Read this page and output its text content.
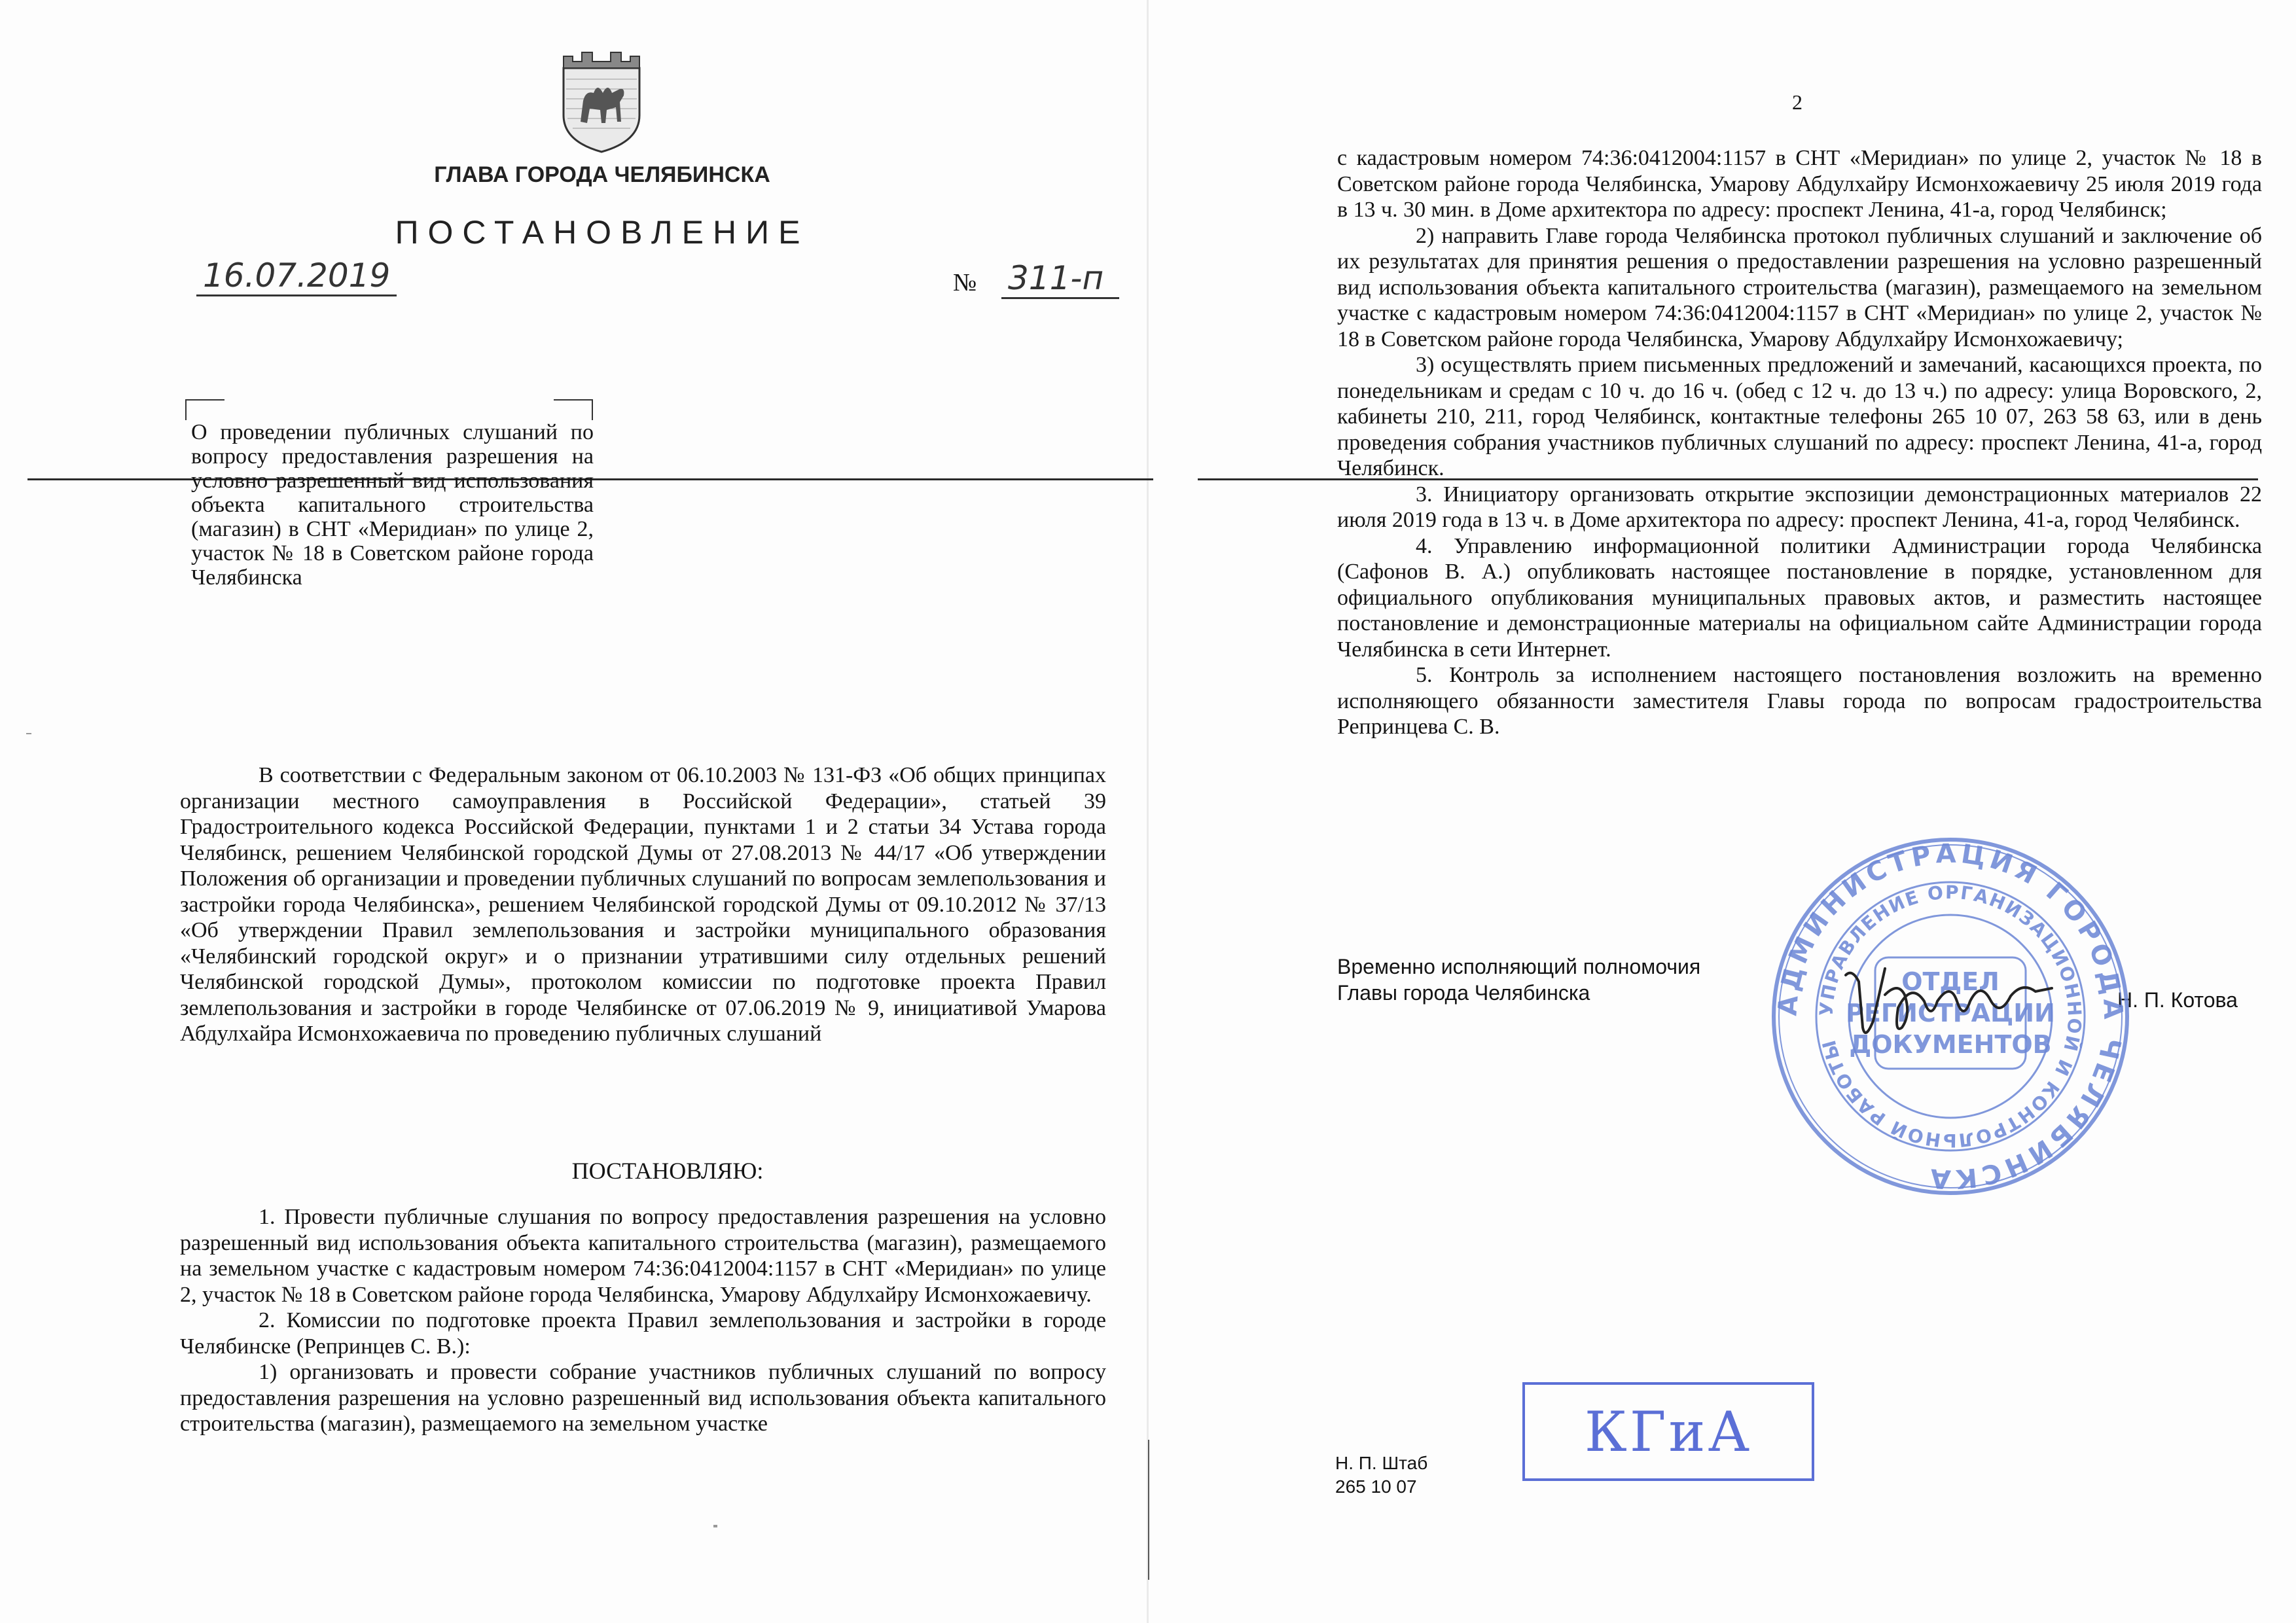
ГЛАВА ГОРОДА ЧЕЛЯБИНСКА
ПОСТАНОВЛЕНИЕ
16.07.2019	№ 311-п
О проведении публичных слушаний по вопросу предоставления разрешения на условно разрешенный вид использования объекта капитального строительства (магазин) в СНТ «Меридиан» по улице 2, участок № 18 в Советском районе города Челябинска

В соответствии с Федеральным законом от 06.10.2003 № 131-ФЗ «Об общих принципах организации местного самоуправления в Российской Федерации», статьей 39 Градостроительного кодекса Российской Федерации, пунктами 1 и 2 статьи 34 Устава города Челябинск, решением Челябинской городской Думы от 27.08.2013 № 44/17 «Об утверждении Положения об организации и проведении публичных слушаний по вопросам землепользования и застройки города Челябинска», решением Челябинской городской Думы от 09.10.2012 № 37/13 «Об утверждении Правил землепользования и застройки муниципального образования «Челябинский городской округ» и о признании утратившими силу отдельных решений Челябинской городской Думы», протоколом комиссии по подготовке проекта Правил землепользования и застройки в городе Челябинске от 07.06.2019 № 9, инициативой Умарова Абдулхайра Исмонхожаевича по проведению публичных слушаний

ПОСТАНОВЛЯЮ:

1. Провести публичные слушания по вопросу предоставления разрешения на условно разрешенный вид использования объекта капитального строительства (магазин), размещаемого на земельном участке с кадастровым номером 74:36:0412004:1157 в СНТ «Меридиан» по улице 2, участок № 18 в Советском районе города Челябинска, Умарову Абдулхайру Исмонхожаевичу.

2. Комиссии по подготовке проекта Правил землепользования и застройки в городе Челябинске (Репринцев С. В.):

1) организовать и провести собрание участников публичных слушаний по вопросу предоставления разрешения на условно разрешенный вид использования объекта капитального строительства (магазин), размещаемого на земельном участке

2

с кадастровым номером 74:36:0412004:1157 в СНТ «Меридиан» по улице 2, участок № 18 в Советском районе города Челябинска, Умарову Абдулхайру Исмонхожаевичу 25 июля 2019 года в 13 ч. 30 мин. в Доме архитектора по адресу: проспект Ленина, 41-а, город Челябинск;

2) направить Главе города Челябинска протокол публичных слушаний и заключение об их результатах для принятия решения о предоставлении разрешения на условно разрешенный вид использования объекта капитального строительства (магазин), размещаемого на земельном участке с кадастровым номером 74:36:0412004:1157 в СНТ «Меридиан» по улице 2, участок № 18 в Советском районе города Челябинска, Умарову Абдулхайру Исмонхожаевичу;

3) осуществлять прием письменных предложений и замечаний, касающихся проекта, по понедельникам и средам с 10 ч. до 16 ч. (обед с 12 ч. до 13 ч.) по адресу: улица Воровского, 2, кабинеты 210, 211, город Челябинск, контактные телефоны 265 10 07, 263 58 63, или в день проведения собрания участников публичных слушаний по адресу: проспект Ленина, 41-а, город Челябинск.

3. Инициатору организовать открытие экспозиции демонстрационных материалов 22 июля 2019 года в 13 ч. в Доме архитектора по адресу: проспект Ленина, 41-а, город Челябинск.

4. Управлению информационной политики Администрации города Челябинска (Сафонов В. А.) опубликовать настоящее постановление в порядке, установленном для официального опубликования муниципальных правовых актов, и разместить настоящее постановление и демонстрационные материалы на официальном сайте Администрации города Челябинска в сети Интернет.

5. Контроль за исполнением настоящего постановления возложить на временно исполняющего обязанности заместителя Главы города по вопросам градостроительства Репринцева С. В.

Временно исполняющий полномочия
Главы города Челябинска	Н. П. Котова
АДМИНИСТРАЦИЯ ГОРОДА ЧЕЛЯБИНСКА
УПРАВЛЕНИЕ ОРГАНИЗАЦИОННОЙ И КОНТРОЛЬНОЙ РАБОТЫ
ОТДЕЛ
РЕГИСТРАЦИИ
ДОКУМЕНТОВ
Н. П. Штаб
265 10 07
КГиА
